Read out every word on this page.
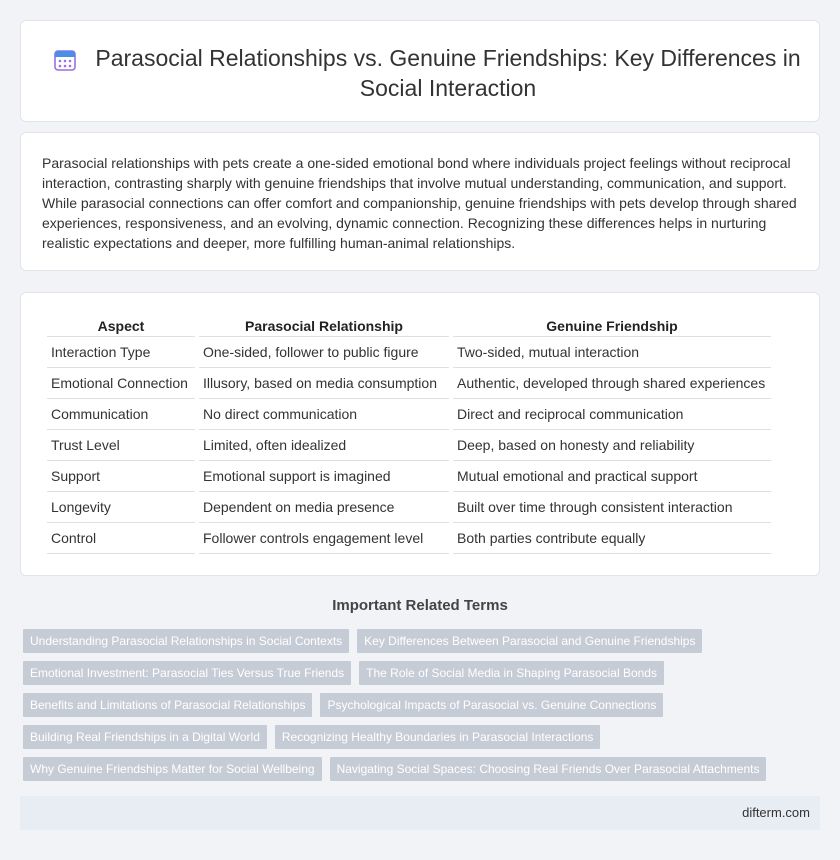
Parasocial Relationships vs. Genuine Friendships: Key Differences in Social Interaction

Parasocial relationships with pets create a one-sided emotional bond where individuals project feelings without reciprocal interaction, contrasting sharply with genuine friendships that involve mutual understanding, communication, and support. While parasocial connections can offer comfort and companionship, genuine friendships with pets develop through shared experiences, responsiveness, and an evolving, dynamic connection. Recognizing these differences helps in nurturing realistic expectations and deeper, more fulfilling human-animal relationships.

Aspect	Parasocial Relationship	Genuine Friendship
Interaction Type	One-sided, follower to public figure	Two-sided, mutual interaction
Emotional Connection	Illusory, based on media consumption	Authentic, developed through shared experiences
Communication	No direct communication	Direct and reciprocal communication
Trust Level	Limited, often idealized	Deep, based on honesty and reliability
Support	Emotional support is imagined	Mutual emotional and practical support
Longevity	Dependent on media presence	Built over time through consistent interaction
Control	Follower controls engagement level	Both parties contribute equally
Important Related Terms
Understanding Parasocial Relationships in Social Contexts	Key Differences Between Parasocial and Genuine Friendships
Emotional Investment: Parasocial Ties Versus True Friends	The Role of Social Media in Shaping Parasocial Bonds
Benefits and Limitations of Parasocial Relationships	Psychological Impacts of Parasocial vs. Genuine Connections
Building Real Friendships in a Digital World	Recognizing Healthy Boundaries in Parasocial Interactions
Why Genuine Friendships Matter for Social Wellbeing	Navigating Social Spaces: Choosing Real Friends Over Parasocial Attachments
difterm.com
